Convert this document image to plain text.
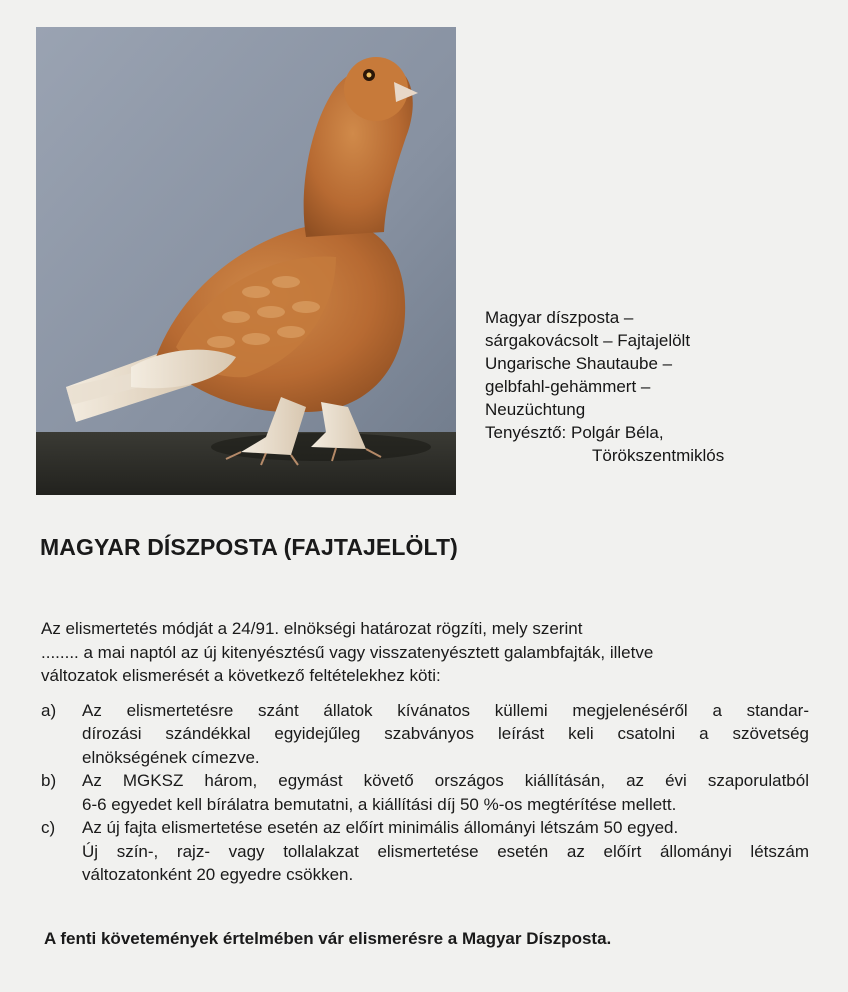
Magyar díszposta –
sárgakovácsolt – Fajtajelölt
Ungarische Shautaube –
gelbfahl-gehämmert –
Neuzüchtung
Tenyésztő: Polgár Béla,
Törökszentmiklós
MAGYAR DÍSZPOSTA (FAJTAJELÖLT)

Az elismertetés módját a 24/91. elnökségi határozat rögzíti, mely szerint

........ a mai naptól az új kitenyésztésű vagy visszatenyésztett galambfajták, illetve

változatok elismerését a következő feltételekhez köti:

a) Az elismertetésre szánt állatok kívánatos küllemi megjelenéséről a standar-
dírozási szándékkal egyidejűleg szabványos leírást keli csatolni a szövetség
elnökségének címezve.
b) Az MGKSZ három, egymást követő országos kiállításán, az évi szaporulatból
6-6 egyedet kell bírálatra bemutatni, a kiállítási díj 50 %-os megtérítése mellett.
c) Az új fajta elismertetése esetén az előírt minimális állományi létszám 50 egyed.
Új szín-, rajz- vagy tollalakzat elismertetése esetén az előírt állományi létszám
változatonként 20 egyedre csökken.

A fenti követemények értelmében vár elismerésre a Magyar Díszposta.
